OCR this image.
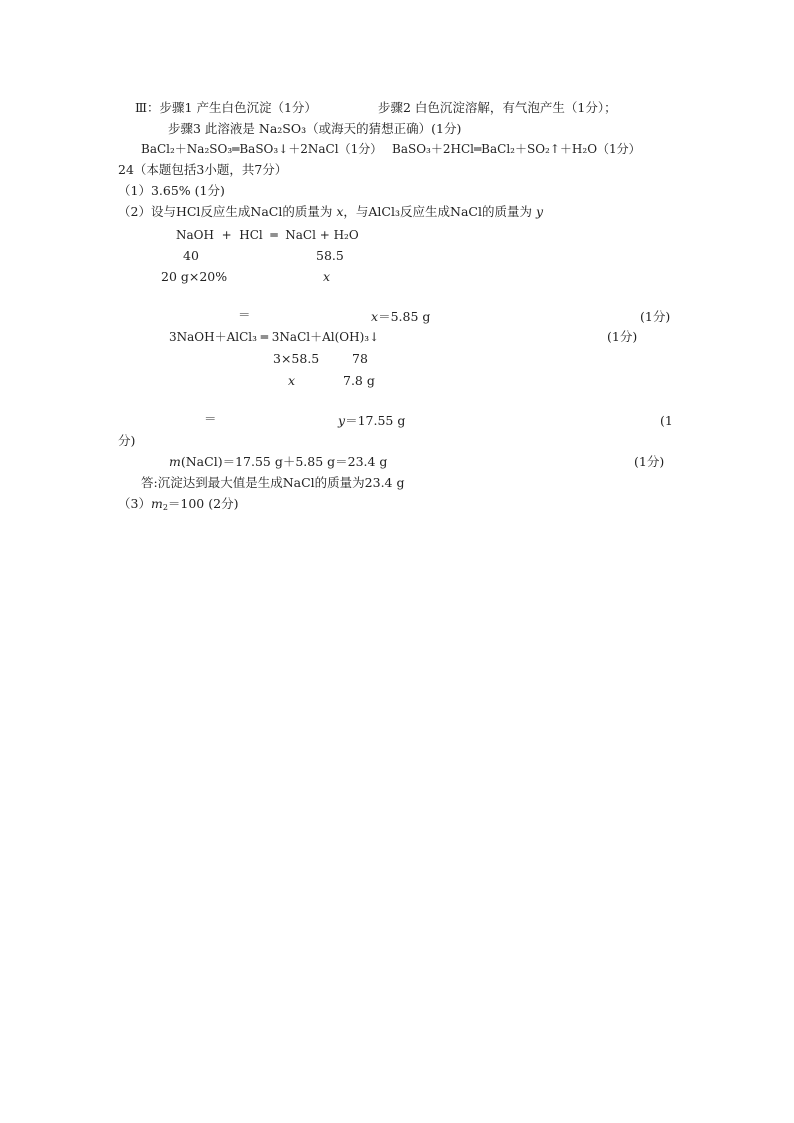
Ⅲ：步骤1 产生白色沉淀（1分）	步骤2 白色沉淀溶解，有气泡产生（1分）；
步骤3 此溶液是 Na₂SO₃（或海天的猜想正确）(1分)
BaCl₂＋Na₂SO₃═BaSO₃↓＋2NaCl（1分） BaSO₃＋2HCl═BaCl₂＋SO₂↑＋H₂O（1分）
24（本题包括3小题，共7分）
（1）3.65% (1分)
（2）设与HCl反应生成NaCl的质量为 x，与AlCl₃反应生成NaCl的质量为 y
NaOH  +  HCl  ═  NaCl + H₂O
40	58.5
20 g×20%	x
＝	x＝5.85 g	(1分)
3NaOH＋AlCl₃ ═ 3NaCl＋Al(OH)₃↓	(1分)
3×58.5	78
x	7.8 g
＝	y＝17.55 g	(1
分)
m(NaCl)＝17.55 g＋5.85 g＝23.4 g	(1分)
答:沉淀达到最大值是生成NaCl的质量为23.4 g
$(3)m_2=100$ (2分)
